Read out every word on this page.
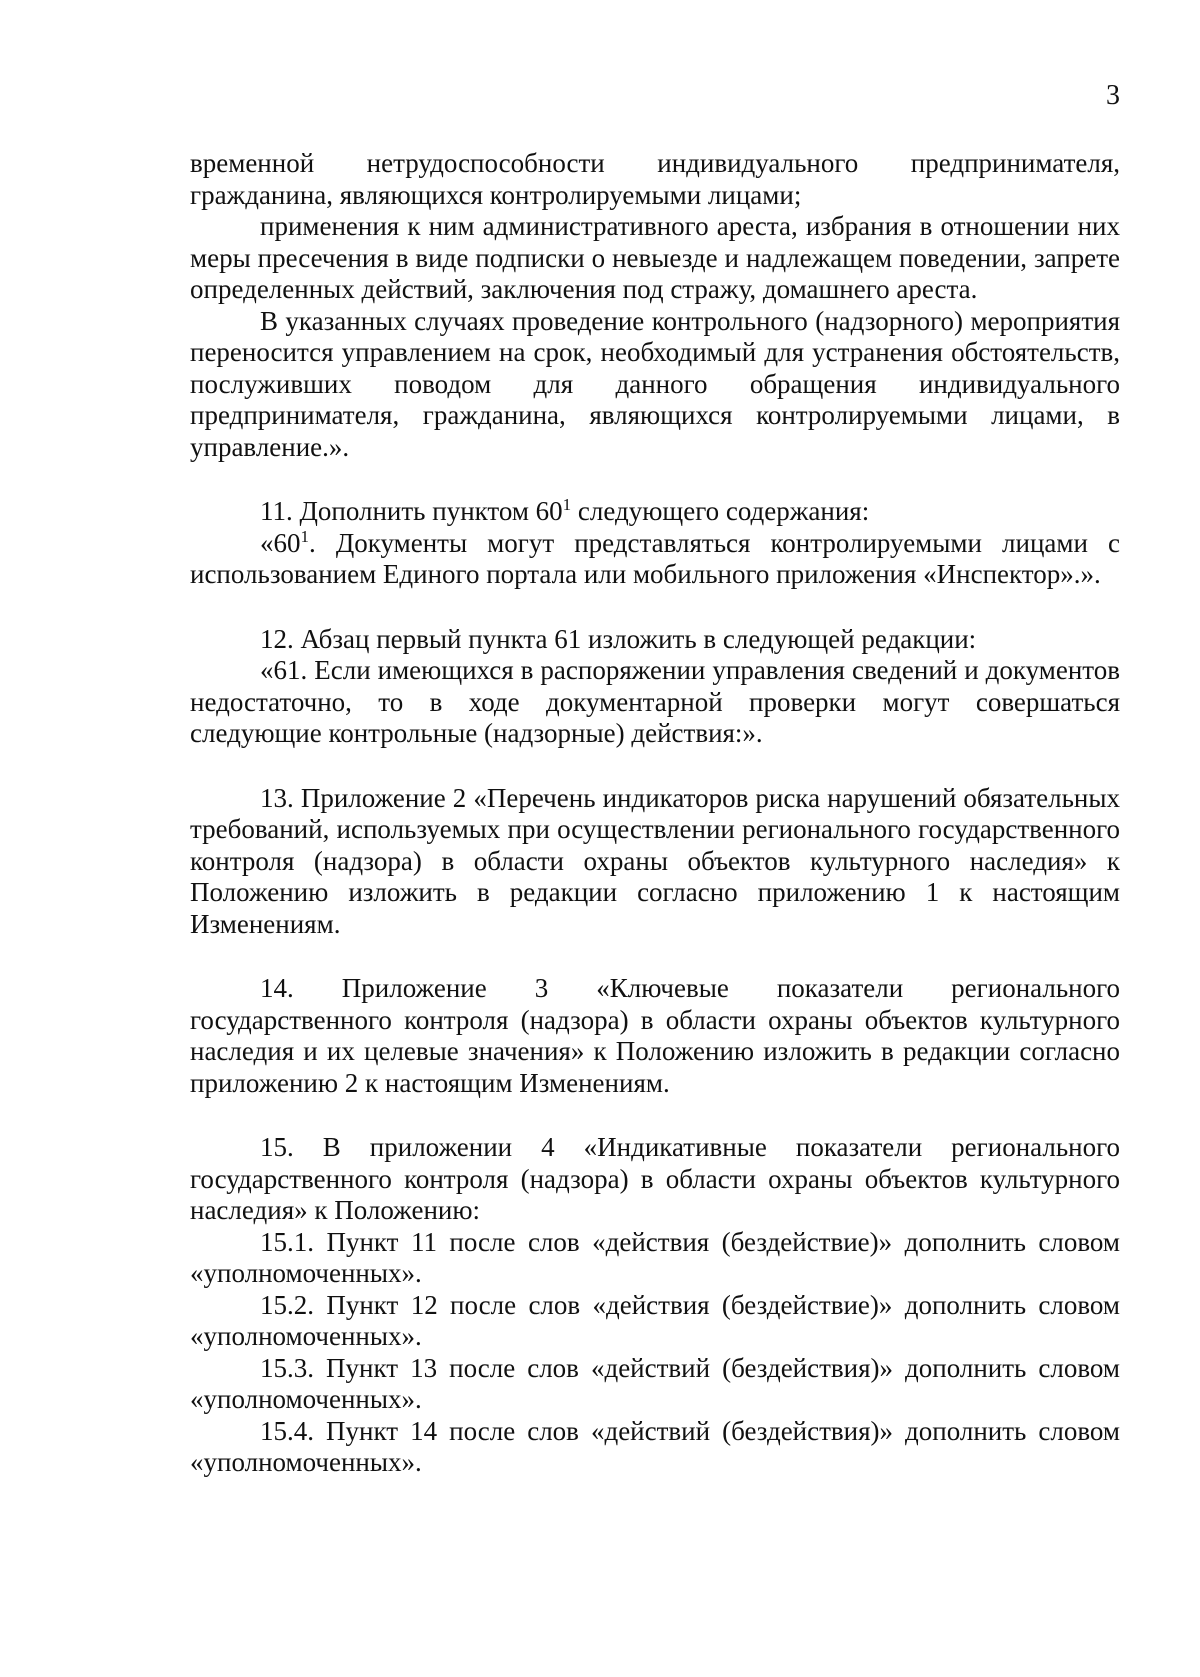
3

временной нетрудоспособности индивидуального предпринимателя, гражданина, являющихся контролируемыми лицами;

применения к ним административного ареста, избрания в отношении них меры пресечения в виде подписки о невыезде и надлежащем поведении, запрете определенных действий, заключения под стражу, домашнего ареста.

В указанных случаях проведение контрольного (надзорного) мероприятия переносится управлением на срок, необходимый для устранения обстоятельств, послуживших поводом для данного обращения индивидуального предпринимателя, гражданина, являющихся контролируемыми лицами, в управление.».

11. Дополнить пунктом $60^1$ следующего содержания:

«$60^1$. Документы могут представляться контролируемыми лицами с использованием Единого портала или мобильного приложения «Инспектор».».

12. Абзац первый пункта 61 изложить в следующей редакции:

«61. Если имеющихся в распоряжении управления сведений и документов недостаточно, то в ходе документарной проверки могут совершаться следующие контрольные (надзорные) действия:».

13. Приложение 2 «Перечень индикаторов риска нарушений обязательных требований, используемых при осуществлении регионального государственного контроля (надзора) в области охраны объектов культурного наследия» к Положению изложить в редакции согласно приложению 1 к настоящим Изменениям.

14. Приложение 3 «Ключевые показатели регионального государственного контроля (надзора) в области охраны объектов культурного наследия и их целевые значения» к Положению изложить в редакции согласно приложению 2 к настоящим Изменениям.

15. В приложении 4 «Индикативные показатели регионального государственного контроля (надзора) в области охраны объектов культурного наследия» к Положению:

15.1. Пункт 11 после слов «действия (бездействие)» дополнить словом «уполномоченных».

15.2. Пункт 12 после слов «действия (бездействие)» дополнить словом «уполномоченных».

15.3. Пункт 13 после слов «действий (бездействия)» дополнить словом «уполномоченных».

15.4. Пункт 14 после слов «действий (бездействия)» дополнить словом «уполномоченных».
